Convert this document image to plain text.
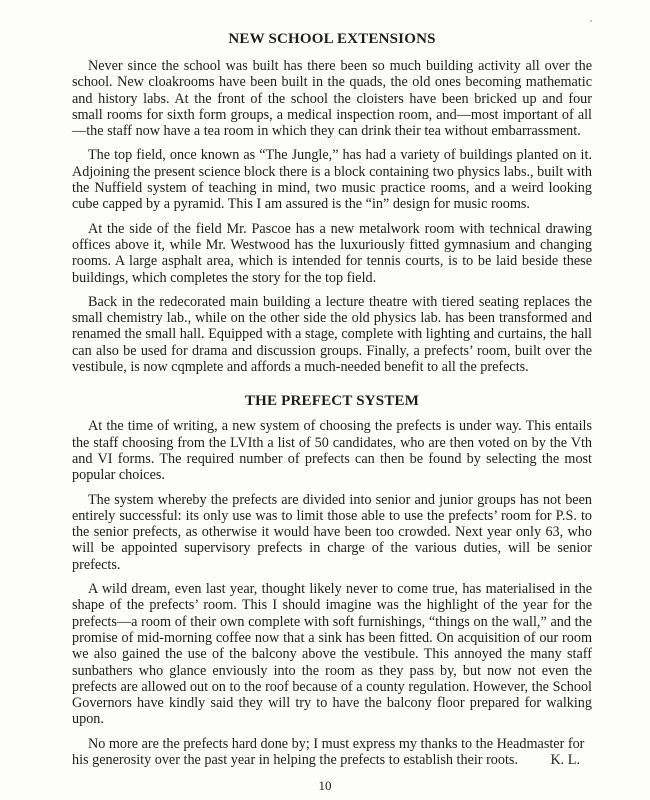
NEW SCHOOL EXTENSIONS

Never since the school was built has there been so much building activity all over the school. New cloakrooms have been built in the quads, the old ones becoming mathematic and history labs. At the front of the school the cloisters have been bricked up and four small rooms for sixth form groups, a medical inspection room, and—most important of all—the staff now have a tea room in which they can drink their tea without embarrassment.

The top field, once known as “The Jungle,” has had a variety of buildings planted on it. Adjoining the present science block there is a block containing two physics labs., built with the Nuffield system of teaching in mind, two music practice rooms, and a weird looking cube capped by a pyramid. This I am assured is the “in” design for music rooms.

At the side of the field Mr. Pascoe has a new metalwork room with technical drawing offices above it, while Mr. Westwood has the luxuriously fitted gymnasium and changing rooms. A large asphalt area, which is intended for tennis courts, is to be laid beside these buildings, which completes the story for the top field.

Back in the redecorated main building a lecture theatre with tiered seating replaces the small chemistry lab., while on the other side the old physics lab. has been transformed and renamed the small hall. Equipped with a stage, complete with lighting and curtains, the hall can also be used for drama and discussion groups. Finally, a prefects’ room, built over the vestibule, is now cqmplete and affords a much-needed benefit to all the prefects.

THE PREFECT SYSTEM

At the time of writing, a new system of choosing the prefects is under way. This entails the staff choosing from the LVIth a list of 50 candidates, who are then voted on by the Vth and VI forms. The required number of prefects can then be found by selecting the most popular choices.

The system whereby the prefects are divided into senior and junior groups has not been entirely successful: its only use was to limit those able to use the prefects’ room for P.S. to the senior prefects, as otherwise it would have been too crowded. Next year only 63, who will be appointed supervisory prefects in charge of the various duties, will be senior prefects.

A wild dream, even last year, thought likely never to come true, has materialised in the shape of the prefects’ room. This I should imagine was the highlight of the year for the prefects—a room of their own complete with soft furnishings, “things on the wall,” and the promise of mid-morning coffee now that a sink has been fitted. On acquisition of our room we also gained the use of the balcony above the vestibule. This annoyed the many staff sunbathers who glance enviously into the room as they pass by, but now not even the prefects are allowed out on to the roof because of a county regulation. However, the School Governors have kindly said they will try to have the balcony floor prepared for walking upon.

No more are the prefects hard done by; I must express my thanks to the Headmaster for his generosity over the past year in helping the prefects to establish their roots. K. L.

10
